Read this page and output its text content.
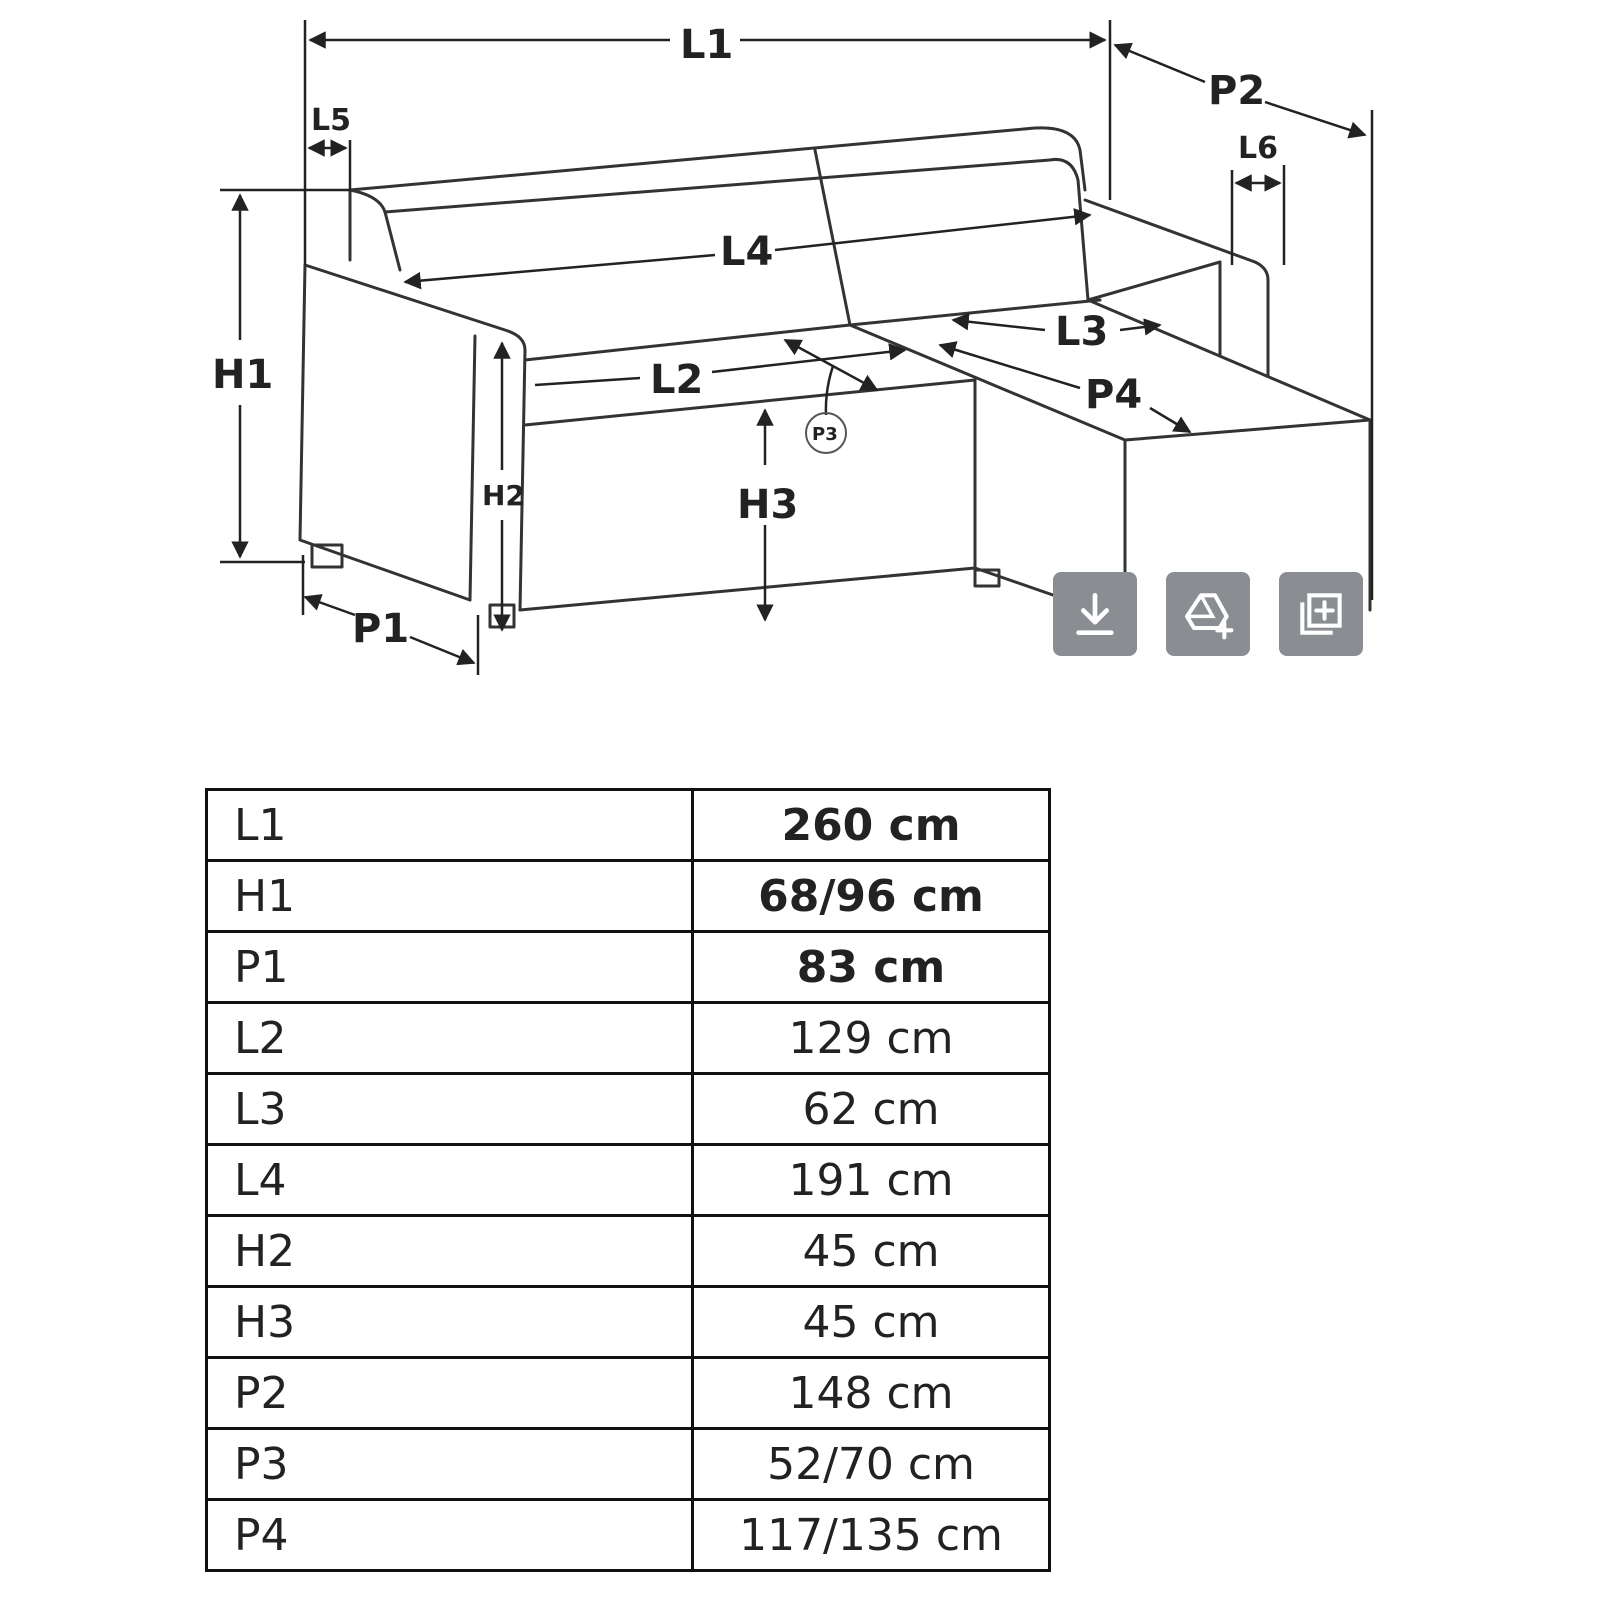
L1
P2
L5
L6
H1
L4
L3
L2	P4
P3
H2	H3
P1
L1	260 cm
H1	68/96 cm
P1	83 cm
L2	129 cm
L3	62 cm
L4	191 cm
H2	45 cm
H3	45 cm
P2	148 cm
P3	52/70 cm
P4	117/135 cm
